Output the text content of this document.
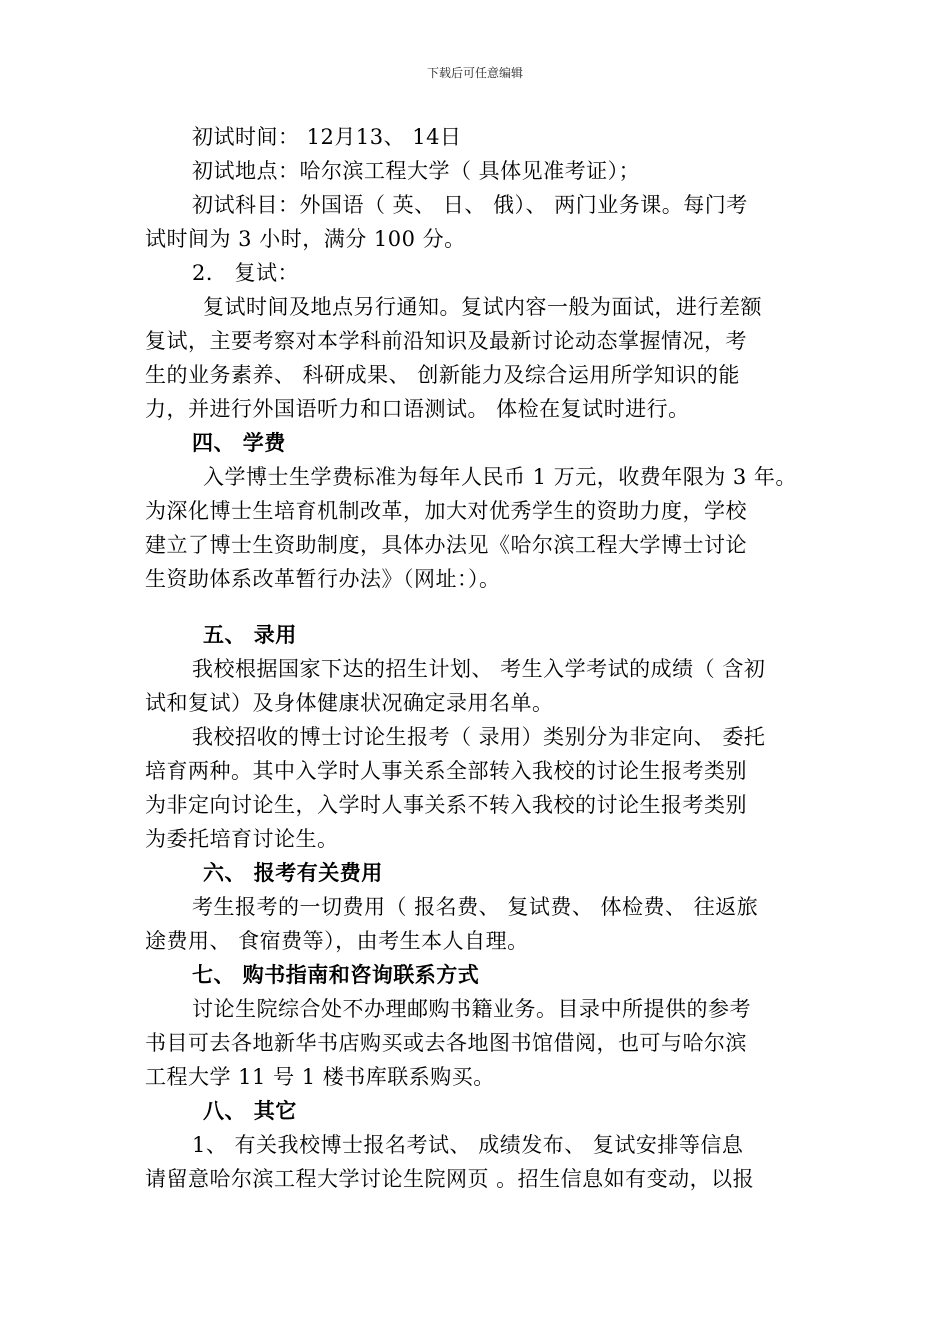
下载后可任意编辑
初试时间： 12月13、 14日
初试地点：哈尔滨工程大学（ 具体见准考证）；
初试科目：外国语（ 英、 日、 俄）、 两门业务课。每门考
试时间为 3 小时，满分 100 分。
2． 复试：
复试时间及地点另行通知。复试内容一般为面试，进行差额
复试，主要考察对本学科前沿知识及最新讨论动态掌握情况，考
生的业务素养、 科研成果、 创新能力及综合运用所学知识的能
力，并进行外国语听力和口语测试。 体检在复试时进行。
四、 学费
入学博士生学费标准为每年人民币 1 万元，收费年限为 3 年。
为深化博士生培育机制改革，加大对优秀学生的资助力度，学校
建立了博士生资助制度，具体办法见《哈尔滨工程大学博士讨论
生资助体系改革暂行办法》（网址：）。
五、 录用
我校根据国家下达的招生计划、 考生入学考试的成绩（ 含初
试和复试）及身体健康状况确定录用名单。
我校招收的博士讨论生报考（ 录用）类别分为非定向、 委托
培育两种。其中入学时人事关系全部转入我校的讨论生报考类别
为非定向讨论生，入学时人事关系不转入我校的讨论生报考类别
为委托培育讨论生。
六、 报考有关费用
考生报考的一切费用（ 报名费、 复试费、 体检费、 往返旅
途费用、 食宿费等），由考生本人自理。
七、 购书指南和咨询联系方式
讨论生院综合处不办理邮购书籍业务。目录中所提供的参考
书目可去各地新华书店购买或去各地图书馆借阅，也可与哈尔滨
工程大学 11 号 1 楼书库联系购买。
八、 其它
1、 有关我校博士报名考试、 成绩发布、 复试安排等信息
请留意哈尔滨工程大学讨论生院网页 。招生信息如有变动，以报
